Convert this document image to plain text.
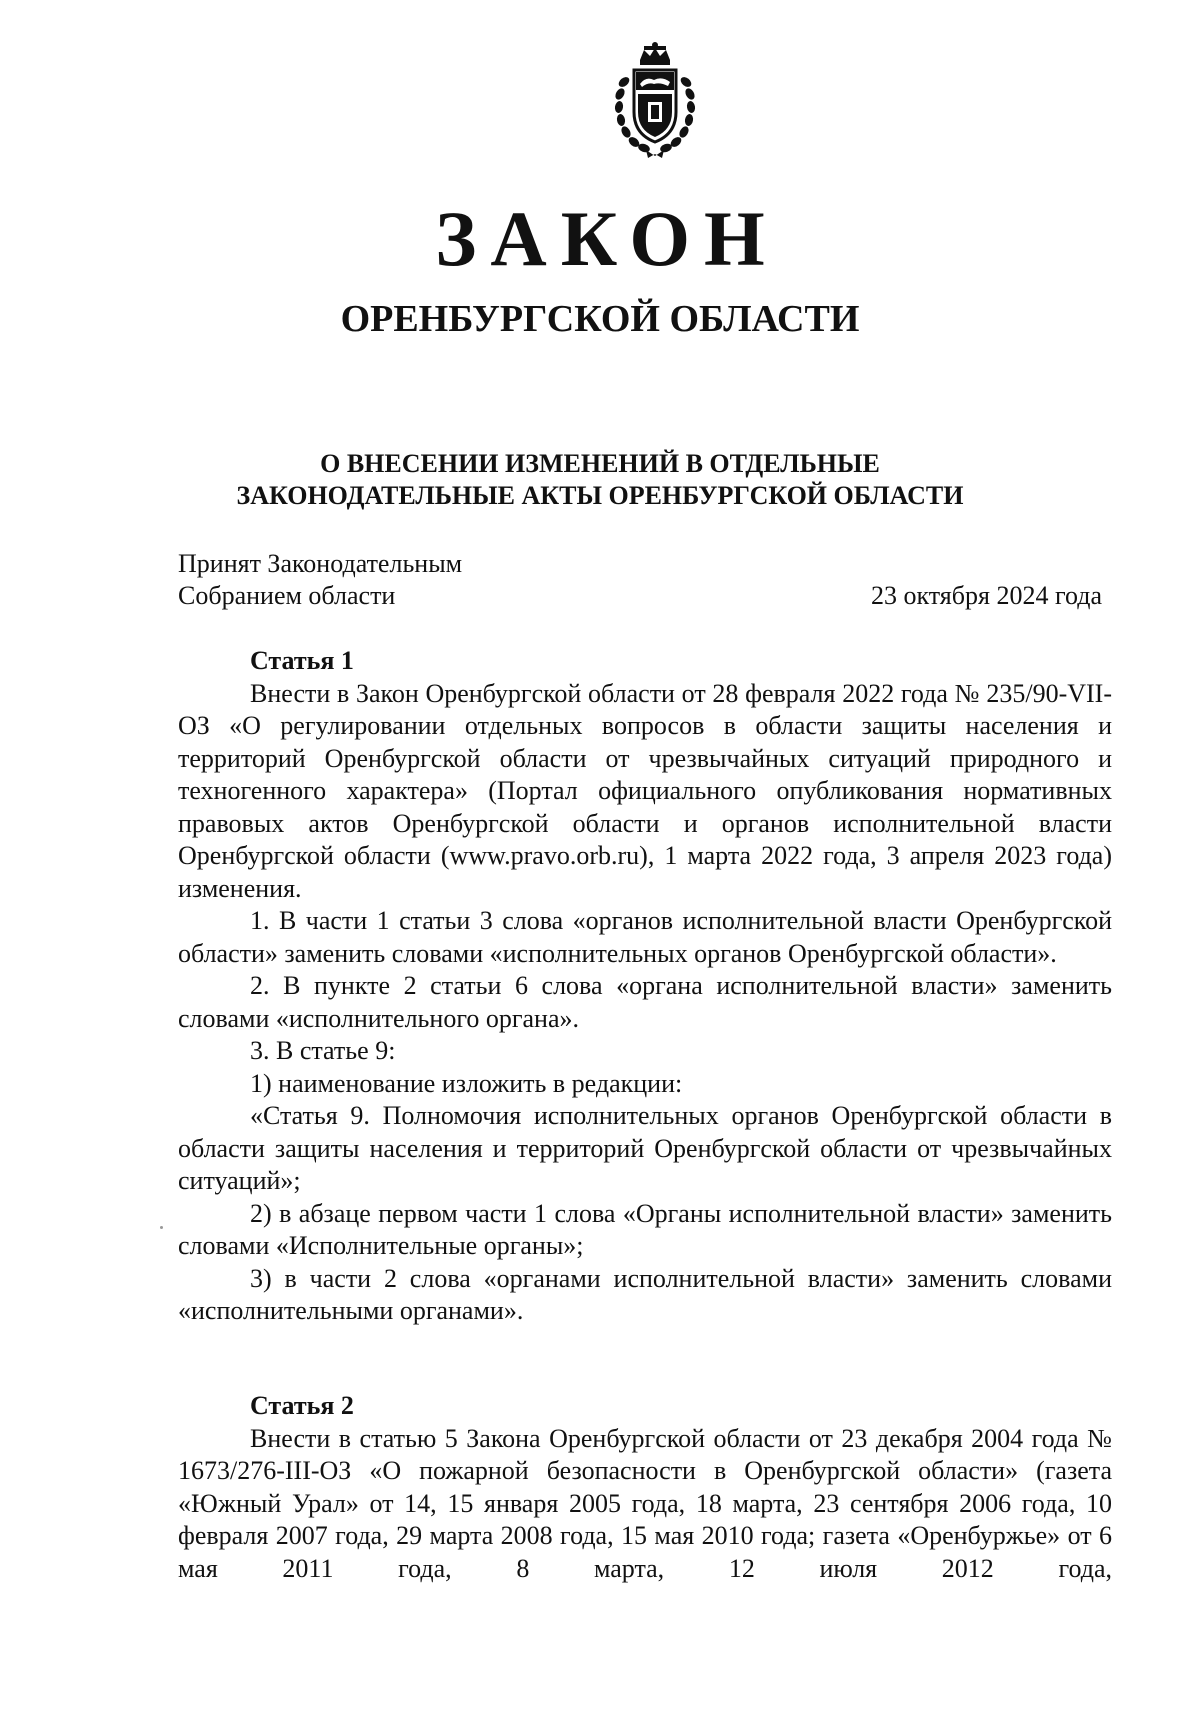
ЗАКОН
ОРЕНБУРГСКОЙ ОБЛАСТИ
О ВНЕСЕНИИ ИЗМЕНЕНИЙ В ОТДЕЛЬНЫЕ
ЗАКОНОДАТЕЛЬНЫЕ АКТЫ ОРЕНБУРГСКОЙ ОБЛАСТИ
Принят Законодательным
Собранием области	23 октября 2024 года

Статья 1

Внести в Закон Оренбургской области от 28 февраля 2022 года № 235/90-VII-ОЗ «О регулировании отдельных вопросов в области защиты населения и территорий Оренбургской области от чрезвычайных ситуаций природного и техногенного характера» (Портал официального опубликования нормативных правовых актов Оренбургской области и органов исполнительной власти Оренбургской области (www.pravo.orb.ru), 1 марта 2022 года, 3 апреля 2023 года) изменения.

1. В части 1 статьи 3 слова «органов исполнительной власти Оренбургской области» заменить словами «исполнительных органов Оренбургской области».

2. В пункте 2 статьи 6 слова «органа исполнительной власти» заменить словами «исполнительного органа».

3. В статье 9:

1) наименование изложить в редакции:

«Статья 9. Полномочия исполнительных органов Оренбургской области в области защиты населения и территорий Оренбургской области от чрезвычайных ситуаций»;

2) в абзаце первом части 1 слова «Органы исполнительной власти» заменить словами «Исполнительные органы»;

3) в части 2 слова «органами исполнительной власти» заменить словами «исполнительными органами».

Статья 2

Внести в статью 5 Закона Оренбургской области от 23 декабря 2004 года № 1673/276-III-ОЗ «О пожарной безопасности в Оренбургской области» (газета «Южный Урал» от 14, 15 января 2005 года, 18 марта, 23 сентября 2006 года, 10 февраля 2007 года, 29 марта 2008 года, 15 мая 2010 года; газета «Оренбуржье» от 6 мая 2011 года, 8 марта, 12 июля 2012 года,
